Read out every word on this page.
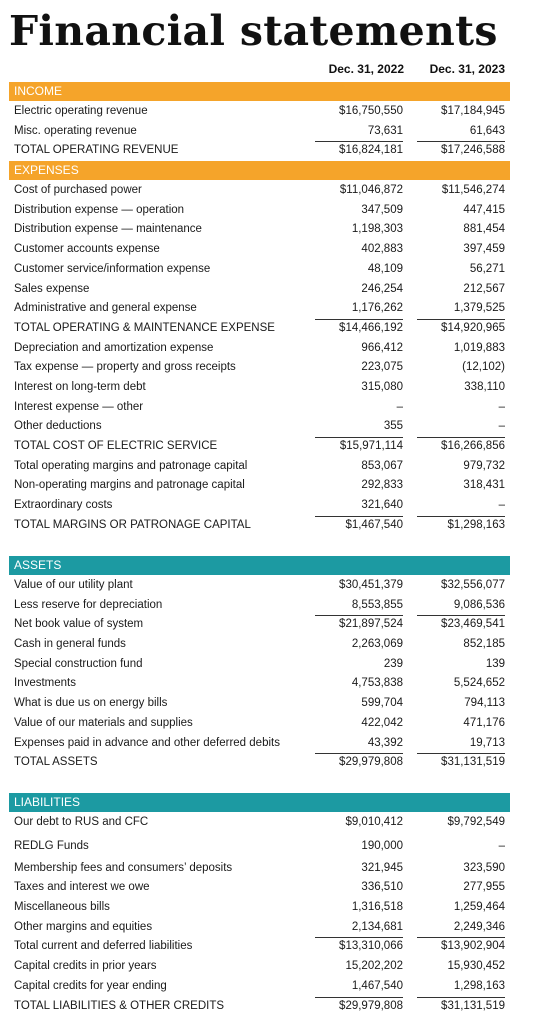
Financial statements
Dec. 31, 2022 Dec. 31, 2023
INCOME
Electric operating revenue	$16,750,550	$17,184,945
Misc. operating revenue	73,631	61,643
TOTAL OPERATING REVENUE	$16,824,181	$17,246,588
EXPENSES
Cost of purchased power	$11,046,872	$11,546,274
Distribution expense — operation	347,509	447,415
Distribution expense — maintenance	1,198,303	881,454
Customer accounts expense	402,883	397,459
Customer service/information expense	48,109	56,271
Sales expense	246,254	212,567
Administrative and general expense	1,176,262	1,379,525
TOTAL OPERATING & MAINTENANCE EXPENSE	$14,466,192	$14,920,965
Depreciation and amortization expense	966,412	1,019,883
Tax expense — property and gross receipts	223,075	(12,102)
Interest on long-term debt	315,080	338,110
Interest expense — other	–	–
Other deductions	355	–
TOTAL COST OF ELECTRIC SERVICE	$15,971,114	$16,266,856
Total operating margins and patronage capital	853,067	979,732
Non-operating margins and patronage capital	292,833	318,431
Extraordinary costs	321,640	–
TOTAL MARGINS OR PATRONAGE CAPITAL	$1,467,540	$1,298,163
ASSETS
Value of our utility plant	$30,451,379	$32,556,077
Less reserve for depreciation	8,553,855	9,086,536
Net book value of system	$21,897,524	$23,469,541
Cash in general funds	2,263,069	852,185
Special construction fund	239	139
Investments	4,753,838	5,524,652
What is due us on energy bills	599,704	794,113
Value of our materials and supplies	422,042	471,176
Expenses paid in advance and other deferred debits	43,392	19,713
TOTAL ASSETS	$29,979,808	$31,131,519
LIABILITIES
Our debt to RUS and CFC	$9,010,412	$9,792,549
REDLG Funds	190,000	–
Membership fees and consumers’ deposits	321,945	323,590
Taxes and interest we owe	336,510	277,955
Miscellaneous bills	1,316,518	1,259,464
Other margins and equities	2,134,681	2,249,346
Total current and deferred liabilities	$13,310,066	$13,902,904
Capital credits in prior years	15,202,202	15,930,452
Capital credits for year ending	1,467,540	1,298,163
TOTAL LIABILITIES & OTHER CREDITS	$29,979,808	$31,131,519
